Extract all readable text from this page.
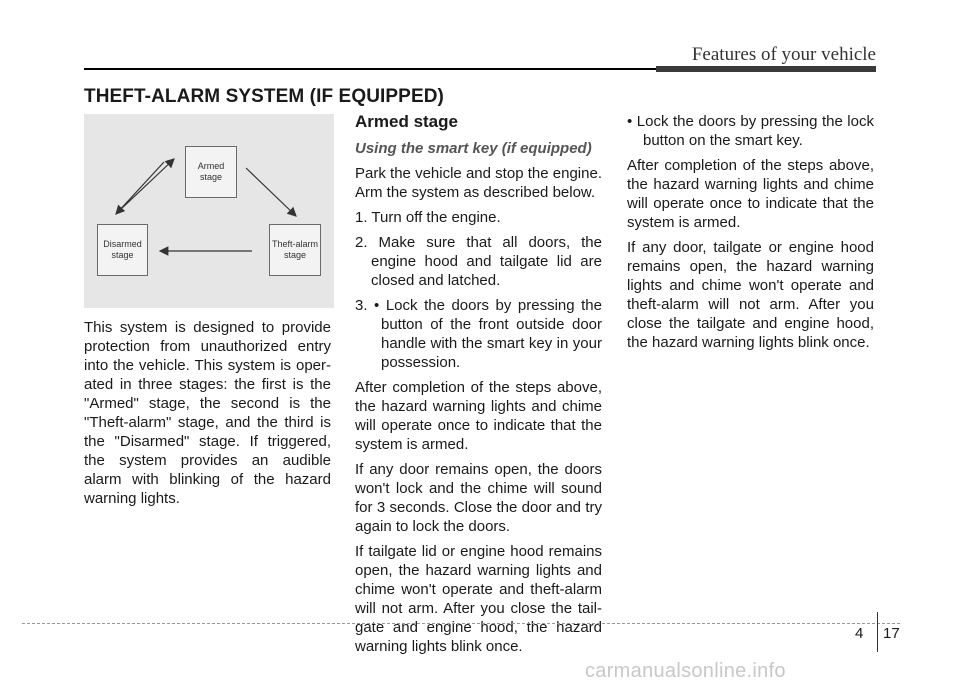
Features of your vehicle
THEFT-ALARM SYSTEM (IF EQUIPPED)
Armed
stage
Disarmed
stage
Theft-alarm
stage

This system is designed to provide protection from unauthorized entry into the vehicle. This system is operated in three stages: the first is the "Armed" stage, the second is the "Theft-alarm" stage, and the third is the "Disarmed" stage. If triggered, the system provides an audible alarm with blinking of the hazard warning lights.

Armed stage
Using the smart key (if equipped)

Park the vehicle and stop the engine. Arm the system as described below.

1. Turn off the engine.

2. Make sure that all doors, the engine hood and tailgate lid are closed and latched.

3. • Lock the doors by pressing the button of the front outside door handle with the smart key in your possession.

After completion of the steps above, the hazard warning lights and chime will operate once to indicate that the system is armed.

If any door remains open, the doors won't lock and the chime will sound for 3 seconds. Close the door and try again to lock the doors.

If tailgate lid or engine hood remains open, the hazard warning lights and chime won't operate and theft-alarm will not arm. After you close the tailgate and engine hood, the hazard warning lights blink once.

• Lock the doors by pressing the lock button on the smart key.

After completion of the steps above, the hazard warning lights and chime will operate once to indicate that the system is armed.

If any door, tailgate or engine hood remains open, the hazard warning lights and chime won't operate and theft-alarm will not arm. After you close the tailgate and engine hood, the hazard warning lights blink once.

4 17
carmanualsonline.info
